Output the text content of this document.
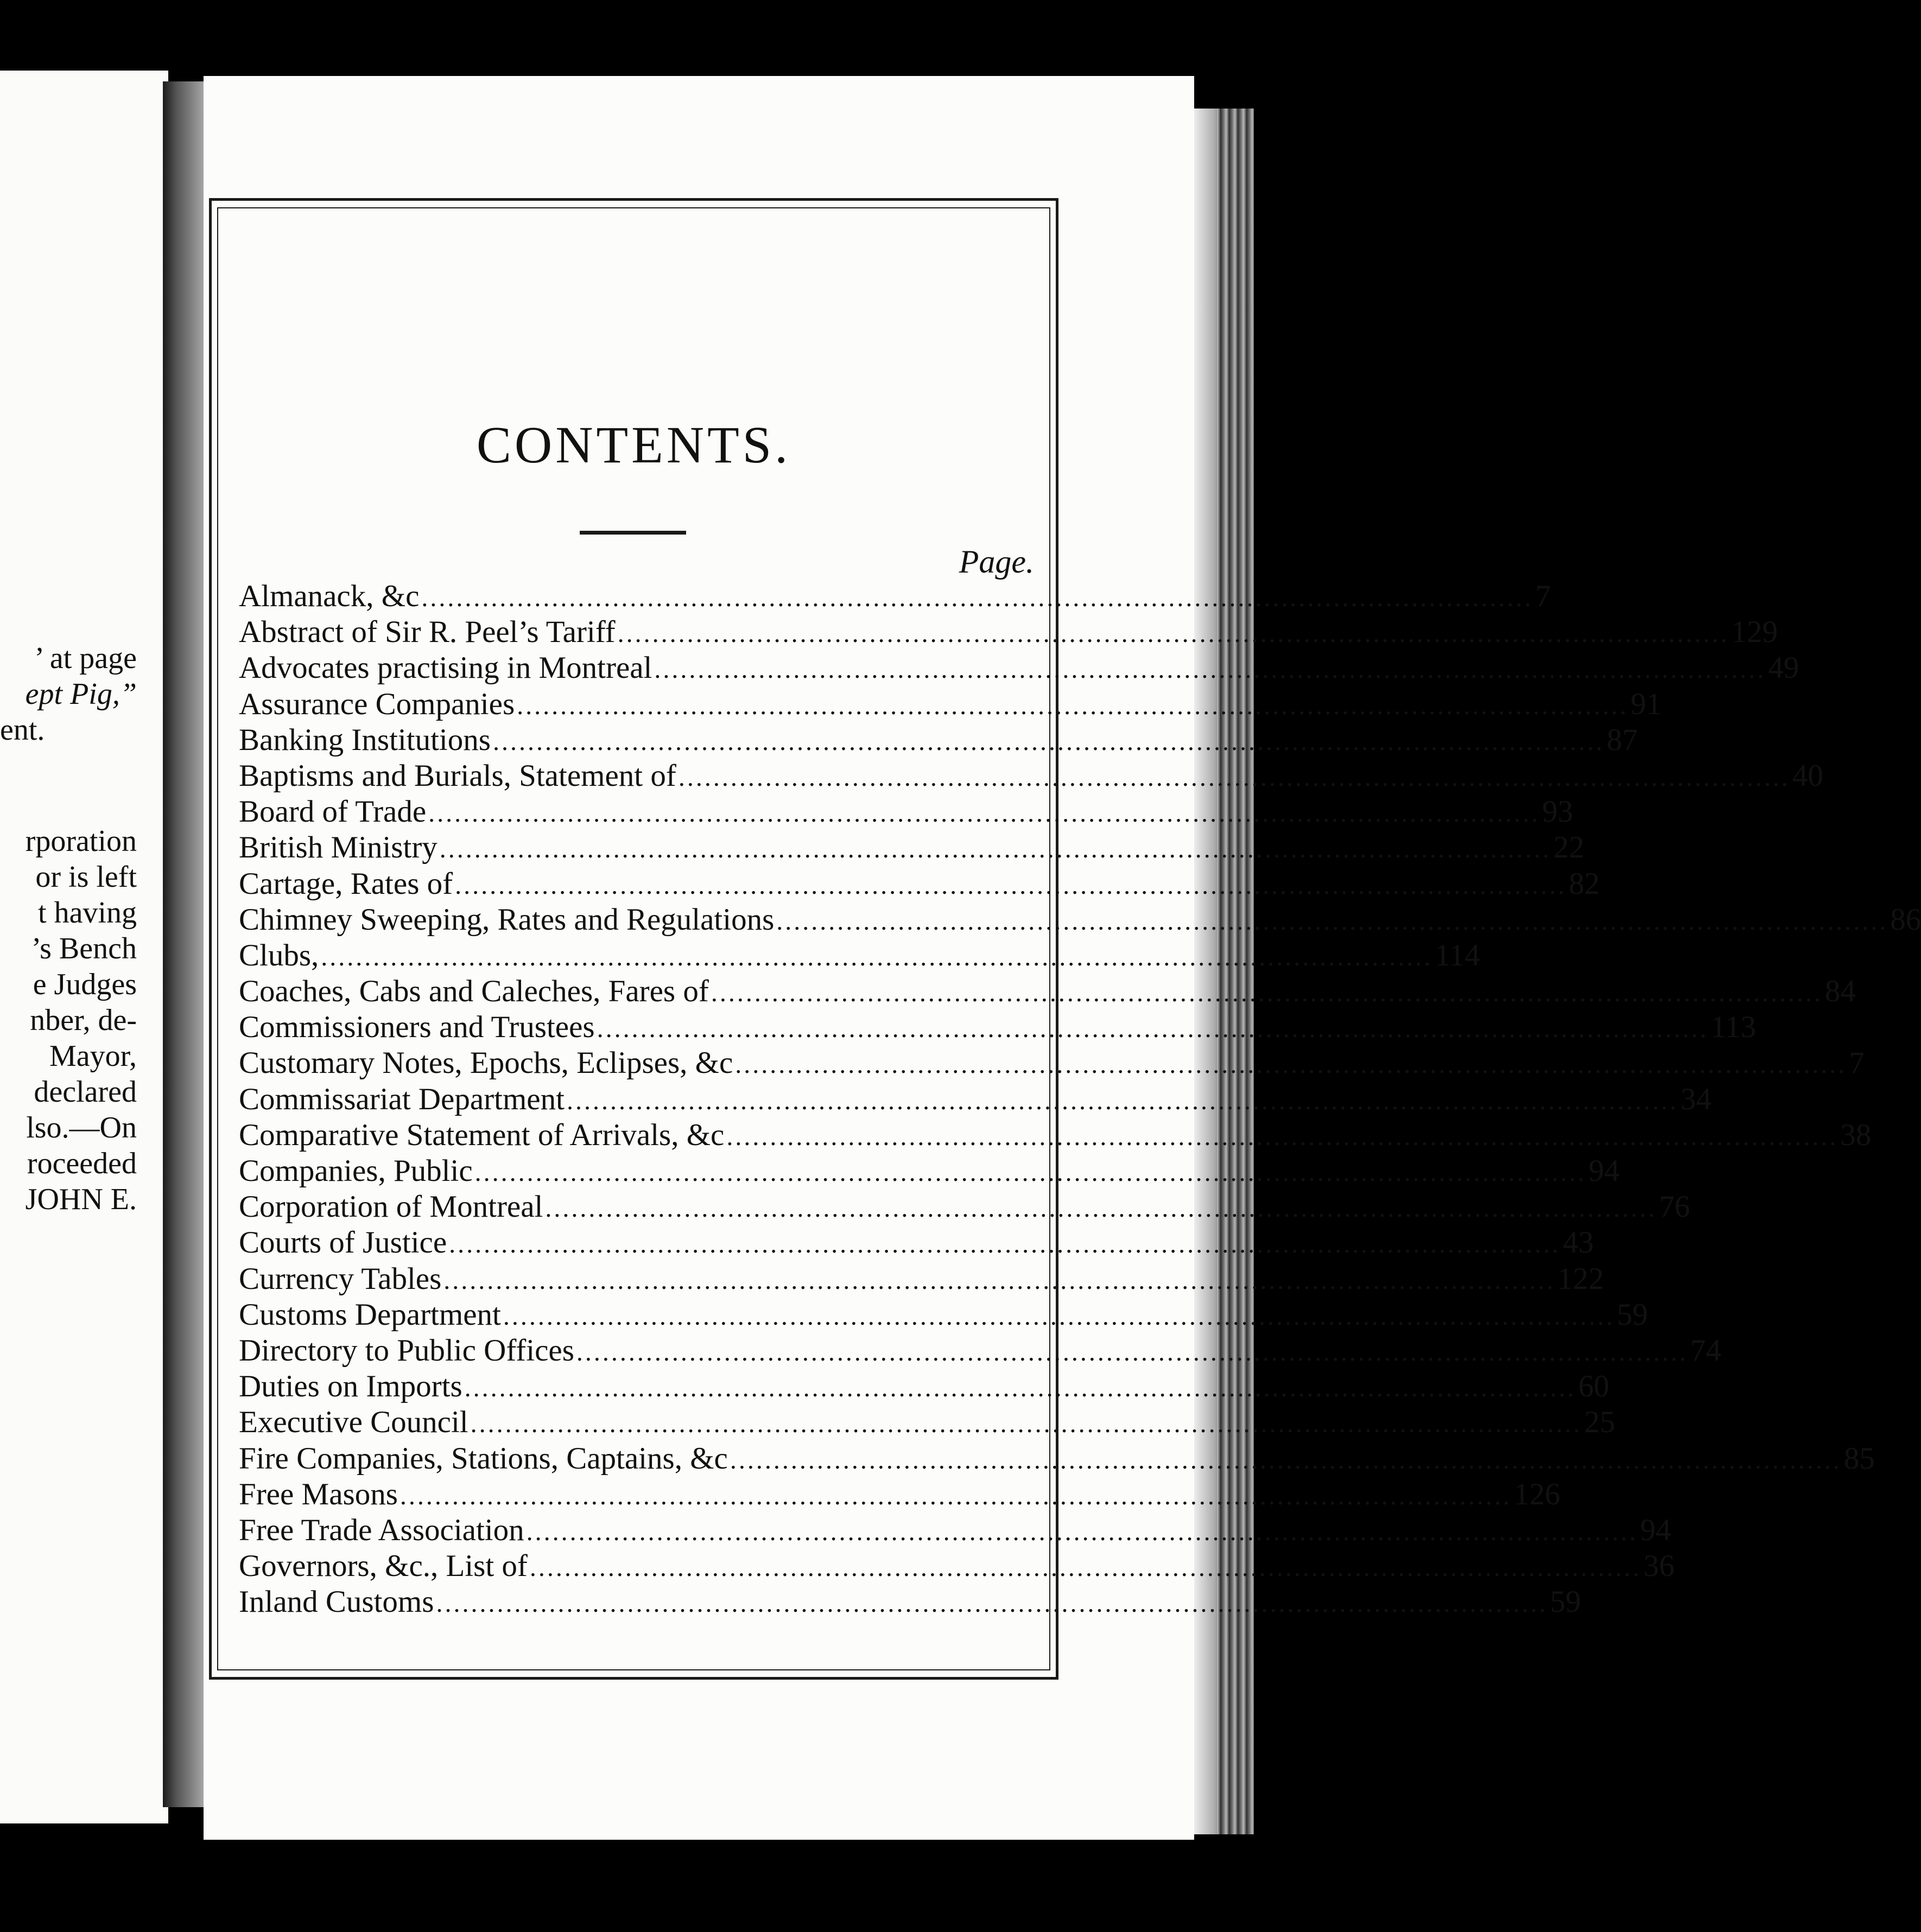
’ at page
ept Pig,”
ent.
rporation
or is left
t having
’s Bench
e Judges
nber, de-
Mayor,
declared
lso.—On
roceeded
JOHN E.
CONTENTS.
Page.
Almanack, &c ................................................................................................................................ 7
Abstract of Sir R. Peel’s Tariff ................................................................................................................................ 129
Advocates practising in Montreal ................................................................................................................................ 49
Assurance Companies ................................................................................................................................ 91
Banking Institutions ................................................................................................................................ 87
Baptisms and Burials, Statement of ................................................................................................................................ 40
Board of Trade ................................................................................................................................ 93
British Ministry ................................................................................................................................ 22
Cartage, Rates of ................................................................................................................................ 82
Chimney Sweeping, Rates and Regulations ................................................................................................................................ 86
Clubs, ................................................................................................................................ 114
Coaches, Cabs and Caleches, Fares of ................................................................................................................................ 84
Commissioners and Trustees ................................................................................................................................ 113
Customary Notes, Epochs, Eclipses, &c ................................................................................................................................ 7
Commissariat Department ................................................................................................................................ 34
Comparative Statement of Arrivals, &c ................................................................................................................................ 38
Companies, Public ................................................................................................................................ 94
Corporation of Montreal ................................................................................................................................ 76
Courts of Justice ................................................................................................................................ 43
Currency Tables ................................................................................................................................ 122
Customs Department ................................................................................................................................ 59
Directory to Public Offices ................................................................................................................................ 74
Duties on Imports ................................................................................................................................ 60
Executive Council ................................................................................................................................ 25
Fire Companies, Stations, Captains, &c ................................................................................................................................ 85
Free Masons ................................................................................................................................ 126
Free Trade Association ................................................................................................................................ 94
Governors, &c., List of ................................................................................................................................ 36
Inland Customs ................................................................................................................................ 59
